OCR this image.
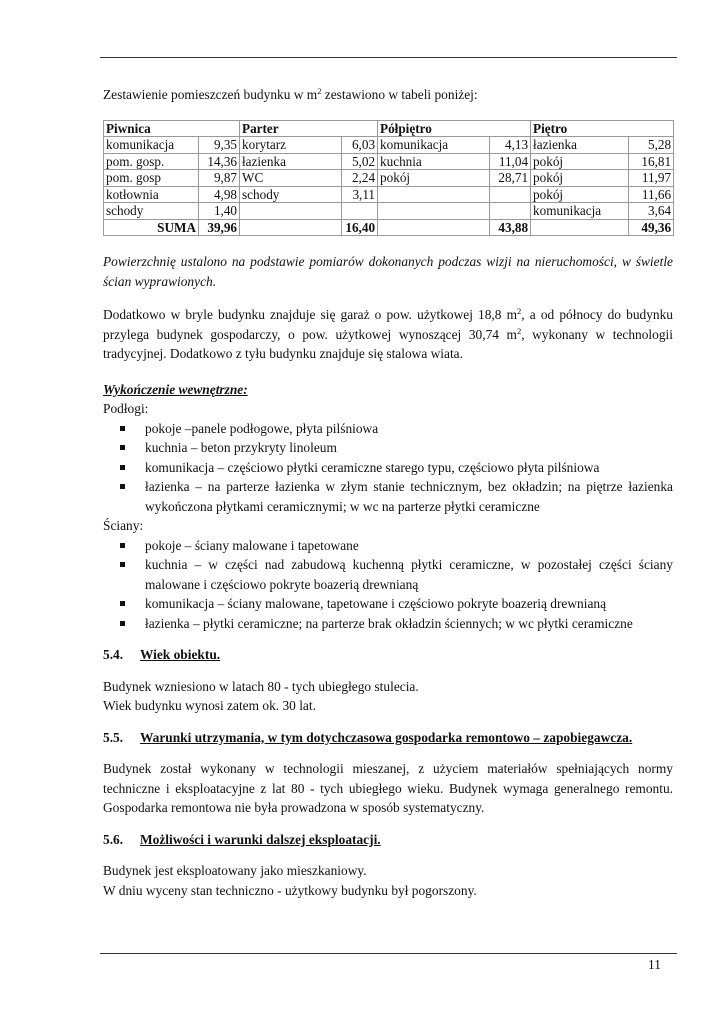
Zestawienie pomieszczeń budynku w $m^2$ zestawiono w tabeli poniżej:

Piwnica		Parter		Półpiętro		Piętro	
komunikacja	9,35	korytarz	6,03	komunikacja	4,13	łazienka	5,28
pom. gosp.	14,36	łazienka	5,02	kuchnia	11,04	pokój	16,81
pom. gosp	9,87	WC	2,24	pokój	28,71	pokój	11,97
kotłownia	4,98	schody	3,11			pokój	11,66
schody	1,40					komunikacja	3,64
SUMA	39,96		16,40		43,88		49,36

Powierzchnię ustalono na podstawie pomiarów dokonanych podczas wizji na nieruchomości, w świetle ścian wyprawionych.

Dodatkowo w bryle budynku znajduje się garaż o pow. użytkowej 18,8 $m^2$, a od północy do budynku przylega budynek gospodarczy, o pow. użytkowej wynoszącej 30,74 $m^2$, wykonany w technologii tradycyjnej. Dodatkowo z tyłu budynku znajduje się stalowa wiata.

Wykończenie wewnętrzne:

Podłogi:

pokoje –panele podłogowe, płyta pilśniowa
kuchnia – beton przykryty linoleum
komunikacja – częściowo płytki ceramiczne starego typu, częściowo płyta pilśniowa
łazienka – na parterze łazienka w złym stanie technicznym, bez okładzin; na piętrze łazienka wykończona płytkami ceramicznymi; w wc na parterze płytki ceramiczne

Ściany:

pokoje – ściany malowane i tapetowane
kuchnia – w części nad zabudową kuchenną płytki ceramiczne, w pozostałej części ściany malowane i częściowo pokryte boazerią drewnianą
komunikacja – ściany malowane, tapetowane i częściowo pokryte boazerią drewnianą
łazienka – płytki ceramiczne; na parterze brak okładzin ściennych; w wc płytki ceramiczne

5.4.	Wiek obiektu.

Budynek wzniesiono w latach 80 - tych ubiegłego stulecia.

Wiek budynku wynosi zatem ok. 30 lat.

5.5.	Warunki utrzymania, w tym dotychczasowa gospodarka remontowo – zapobiegawcza.

Budynek został wykonany w technologii mieszanej, z użyciem materiałów spełniających normy techniczne i eksploatacyjne z lat 80 - tych ubiegłego wieku. Budynek wymaga generalnego remontu. Gospodarka remontowa nie była prowadzona w sposób systematyczny.

5.6.	Możliwości i warunki dalszej eksploatacji.

Budynek jest eksploatowany jako mieszkaniowy.

W dniu wyceny stan techniczno - użytkowy budynku był pogorszony.

11
